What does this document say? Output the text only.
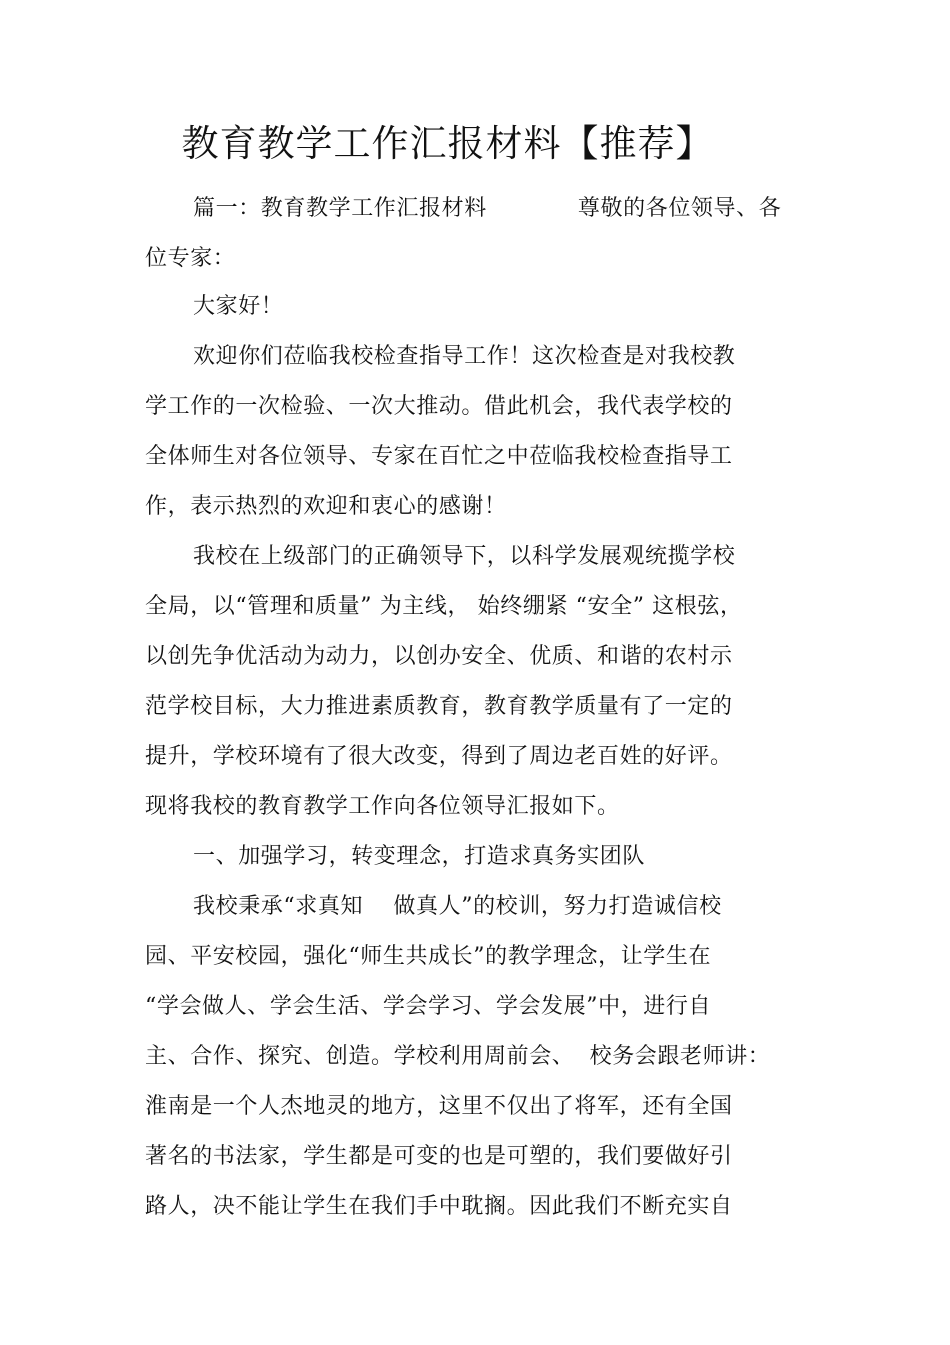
教育教学工作汇报材料【推荐】
篇一：教育教学工作汇报材料            尊敬的各位领导、各
位专家：
大家好！
欢迎你们莅临我校检查指导工作！这次检查是对我校教
学工作的一次检验、一次大推动。借此机会，我代表学校的
全体师生对各位领导、专家在百忙之中莅临我校检查指导工
作，表示热烈的欢迎和衷心的感谢！
我校在上级部门的正确领导下，以科学发展观统揽学校
全局，以“管理和质量” 为主线， 始终绷紧 “安全” 这根弦，
以创先争优活动为动力，以创办安全、优质、和谐的农村示
范学校目标，大力推进素质教育，教育教学质量有了一定的
提升，学校环境有了很大改变，得到了周边老百姓的好评。
现将我校的教育教学工作向各位领导汇报如下。
一、加强学习，转变理念，打造求真务实团队
我校秉承“求真知    做真人”的校训，努力打造诚信校
园、平安校园，强化“师生共成长”的教学理念，让学生在
“学会做人、学会生活、学会学习、学会发展”中，进行自
主、合作、探究、创造。学校利用周前会、  校务会跟老师讲：
淮南是一个人杰地灵的地方，这里不仅出了将军，还有全国
著名的书法家，学生都是可变的也是可塑的，我们要做好引
路人，决不能让学生在我们手中耽搁。因此我们不断充实自
